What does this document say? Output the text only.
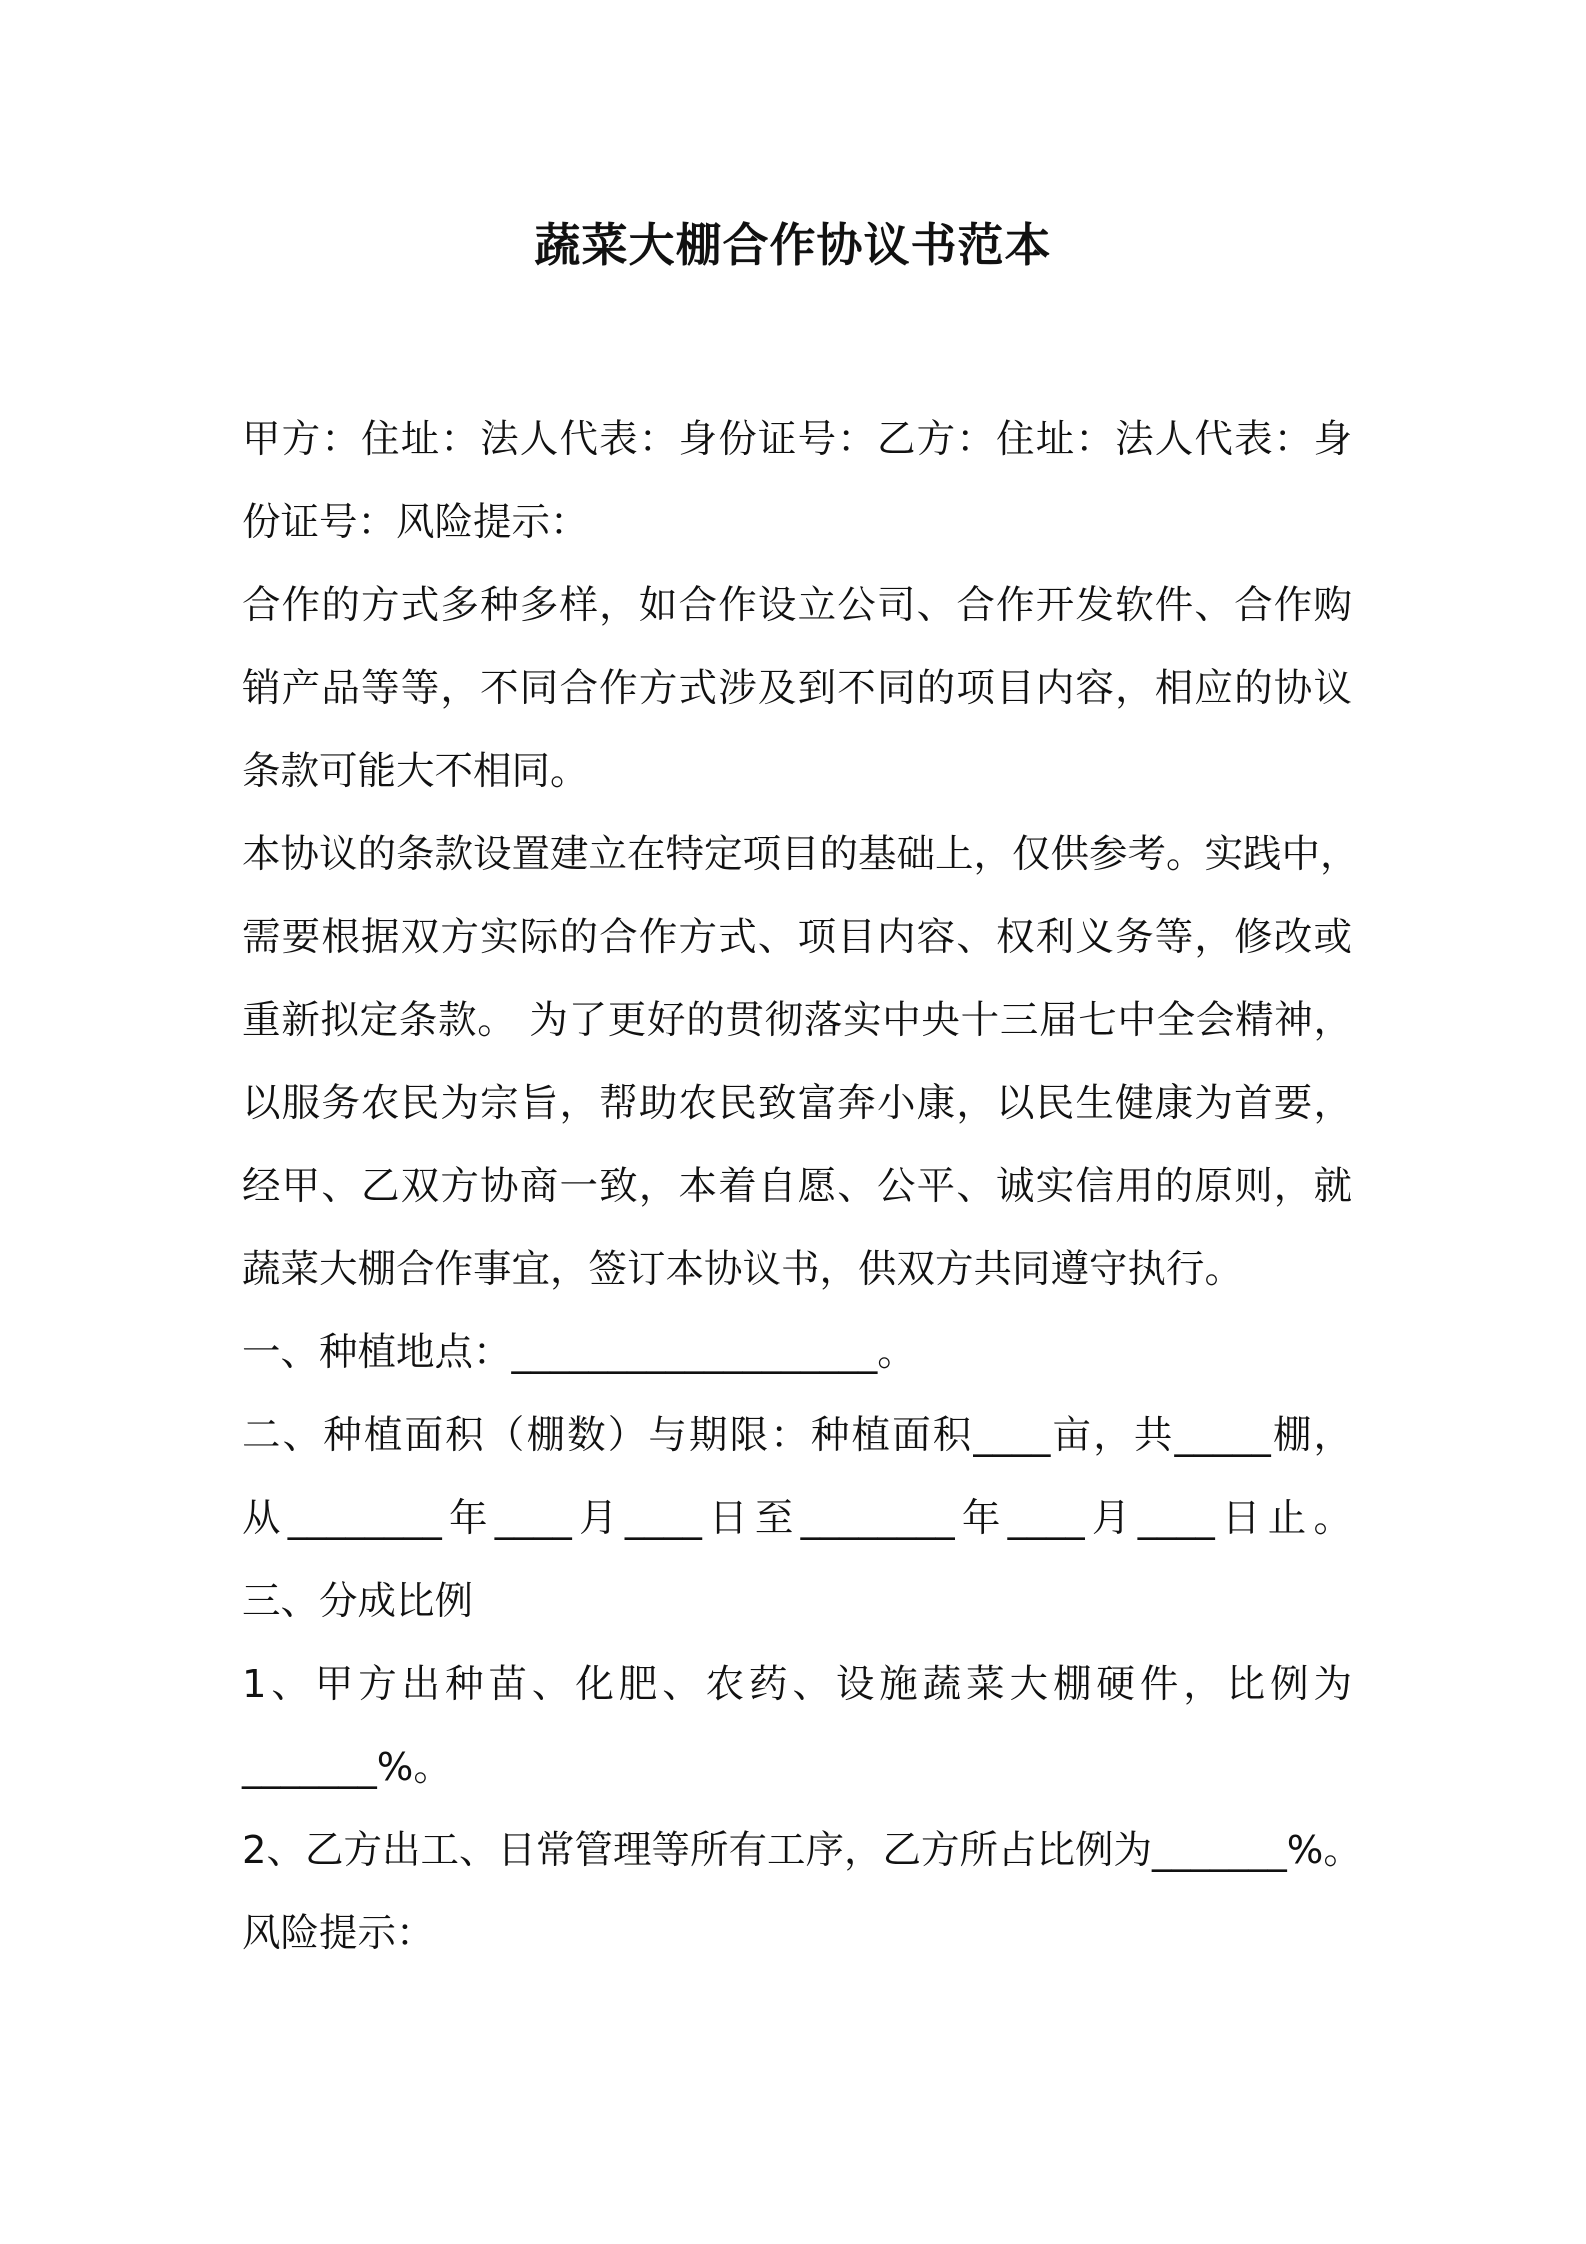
蔬菜大棚合作协议书范本
甲方：住址：法人代表：身份证号：乙方：住址：法人代表：身
份证号：风险提示：
合作的方式多种多样，如合作设立公司、合作开发软件、合作购
销产品等等，不同合作方式涉及到不同的项目内容，相应的协议
条款可能大不相同。
本协议的条款设置建立在特定项目的基础上，仅供参考。实践中，
需要根据双方实际的合作方式、项目内容、权利义务等，修改或
重新拟定条款。 为了更好的贯彻落实中央十三届七中全会精神，
以服务农民为宗旨，帮助农民致富奔小康，以民生健康为首要，
经甲、乙双方协商一致，本着自愿、公平、诚实信用的原则，就
蔬菜大棚合作事宜，签订本协议书，供双方共同遵守执行。
一、种植地点：___________________。
二、种植面积（棚数）与期限：种植面积____亩，共_____棚，
从________年____月____日至________年____月____日止。
三、分成比例
1、甲方出种苗、化肥、农药、设施蔬菜大棚硬件，比例为
_______%。
2、乙方出工、日常管理等所有工序，乙方所占比例为_______%。
风险提示：
